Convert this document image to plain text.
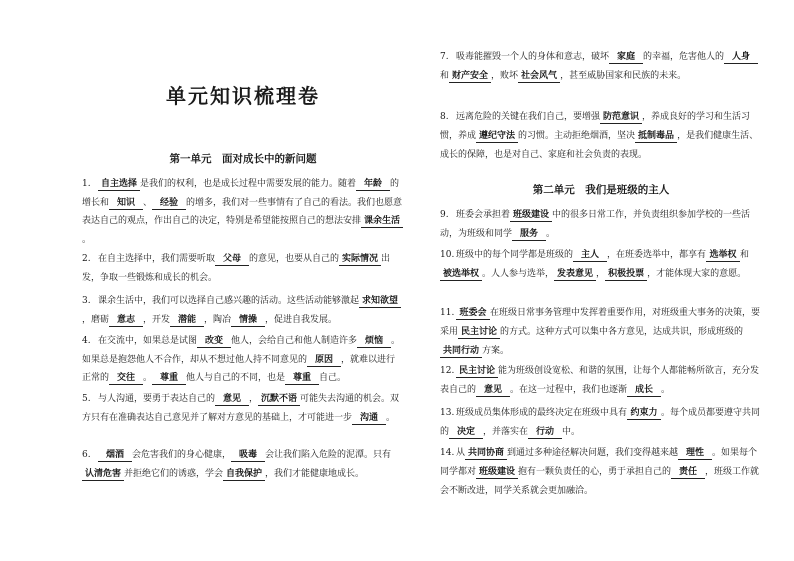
单元知识梳理卷
第一单元　面对成长中的新问题
1. 自主选择 是我们的权利，也是成长过程中需要发展的能力。随着 年龄 的增长和 知识 、 经验 的增多，我们对一些事情有了自己的看法。我们也愿意表达自己的观点，作出自己的决定，特别是希望能按照自己的想法安排 课余生活。
2. 在自主选择中，我们需要听取 父母 的意见，也要从自己的 实际情况 出发，争取一些锻炼和成长的机会。
3. 课余生活中，我们可以选择自己感兴趣的活动。这些活动能够激起 求知欲望，磨砺 意志 ，开发 潜能 ，陶冶 情操 ，促进自我发展。
4. 在交流中，如果总是试图 改变 他人，会给自己和他人制造许多 烦恼 。如果总是抱怨他人不合作，却从不想过他人持不同意见的 原因 ，就难以进行正常的 交往 。 尊重 他人与自己的不同，也是 尊重 自己。
5. 与人沟通，要勇于表达自己的 意见 ， 沉默不语 可能失去沟通的机会。双方只有在准确表达自己意见并了解对方意见的基础上，才可能进一步 沟通 。
6. 烟酒 会危害我们的身心健康， 吸毒 会让我们陷入危险的泥潭。只有认清危害 并拒绝它们的诱惑，学会 自我保护 ，我们才能健康地成长。
7. 吸毒能摧毁一个人的身体和意志，破坏 家庭 的幸福，危害他人的 人身和 财产安全 ，败坏 社会风气 ，甚至威胁国家和民族的未来。
8. 远离危险的关键在我们自己，要增强 防范意识 ，养成良好的学习和生活习惯，养成 遵纪守法 的习惯。主动拒绝烟酒，坚决 抵制毒品 ，是我们健康生活、成长的保障，也是对自己、家庭和社会负责的表现。
第二单元　我们是班级的主人
9. 班委会承担着 班级建设 中的很多日常工作，并负责组织参加学校的一些活动，为班级和同学 服务 。
10. 班级中的每个同学都是班级的 主人 ，在班委选举中，都享有 选举权 和被选举权 。人人参与选举， 发表意见 ， 积极投票 ，才能体现大家的意愿。
11. 班委会 在班级日常事务管理中发挥着重要作用，对班级重大事务的决策，要采用 民主讨论 的方式。这种方式可以集中各方意见，达成共识，形成班级的共同行动 方案。
12. 民主讨论 能为班级创设宽松、和谐的氛围，让每个人都能畅所欲言，充分发表自己的 意见 。在这一过程中，我们也逐渐 成长 。
13. 班级成员集体形成的最终决定在班级中具有 约束力 。每个成员都要遵守共同的 决定 ，并落实在 行动 中。
14. 从 共同协商 到通过多种途径解决问题，我们变得越来越 理性 。如果每个同学都对 班级建设 抱有一颗负责任的心，勇于承担自己的 责任 ，班级工作就会不断改进，同学关系就会更加融洽。
